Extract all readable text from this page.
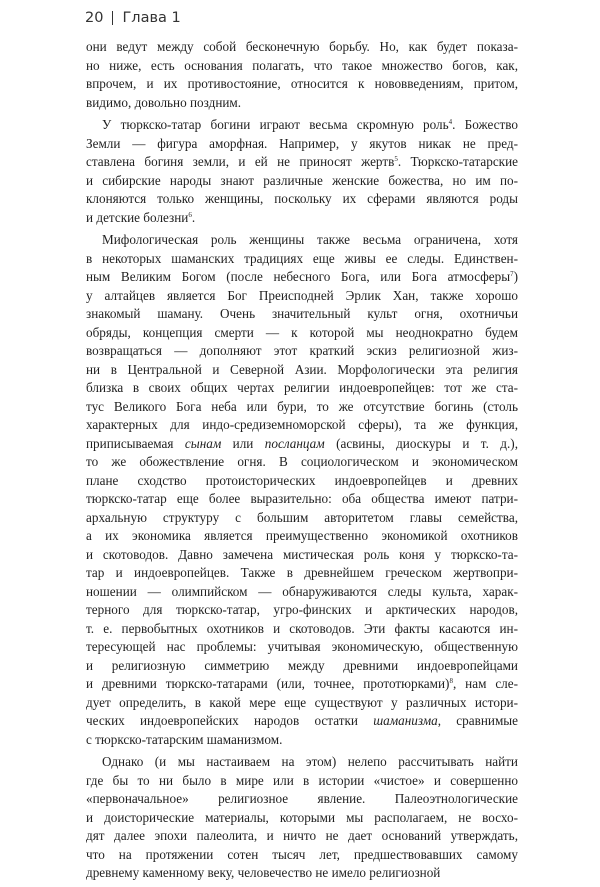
20 Глава 1
они ведут между собой бесконечную борьбу. Но, как будет показа-
но ниже, есть основания полагать, что такое множество богов, как,
впрочем, и их противостояние, относится к нововведениям, притом,
видимо, довольно поздним.
У тюркско-татар богини играют весьма скромную роль$^4$. Божество
Земли — фигура аморфная. Например, у якутов никак не пред-
ставлена богиня земли, и ей не приносят жертв$^5$. Тюркско-татарские
и сибирские народы знают различные женские божества, но им по-
клоняются только женщины, поскольку их сферами являются роды
и детские болезни$^6$.
Мифологическая роль женщины также весьма ограничена, хотя
в некоторых шаманских традициях еще живы ее следы. Единствен-
ным Великим Богом (после небесного Бога, или Бога атмосферы$^7$)
у алтайцев является Бог Преисподней Эрлик Хан, также хорошо
знакомый шаману. Очень значительный культ огня, охотничьи
обряды, концепция смерти — к которой мы неоднократно будем
возвращаться — дополняют этот краткий эскиз религиозной жиз-
ни в Центральной и Северной Азии. Морфологически эта религия
близка в своих общих чертах религии индоевропейцев: тот же ста-
тус Великого Бога неба или бури, то же отсутствие богинь (столь
характерных для индо-средиземноморской сферы), та же функция,
приписываемая сынам или посланцам (асвины, диоскуры и т. д.),
то же обожествление огня. В социологическом и экономическом
плане сходство протоисторических индоевропейцев и древних
тюркско-татар еще более выразительно: оба общества имеют патри-
архальную структуру с большим авторитетом главы семейства,
а их экономика является преимущественно экономикой охотников
и скотоводов. Давно замечена мистическая роль коня у тюркско-та-
тар и индоевропейцев. Также в древнейшем греческом жертвопри-
ношении — олимпийском — обнаруживаются следы культа, харак-
терного для тюркско-татар, угро-финских и арктических народов,
т. е. первобытных охотников и скотоводов. Эти факты касаются ин-
тересующей нас проблемы: учитывая экономическую, общественную
и религиозную симметрию между древними индоевропейцами
и древними тюркско-татарами (или, точнее, прототюрками)$^8$, нам сле-
дует определить, в какой мере еще существуют у различных истори-
ческих индоевропейских народов остатки шаманизма, сравнимые
с тюркско-татарским шаманизмом.
Однако (и мы настаиваем на этом) нелепо рассчитывать найти
где бы то ни было в мире или в истории «чистое» и совершенно
«первоначальное» религиозное явление. Палеоэтнологические
и доисторические материалы, которыми мы располагаем, не восхо-
дят далее эпохи палеолита, и ничто не дает оснований утверждать,
что на протяжении сотен тысяч лет, предшествовавших самому
древнему каменному веку, человечество не имело религиозной
